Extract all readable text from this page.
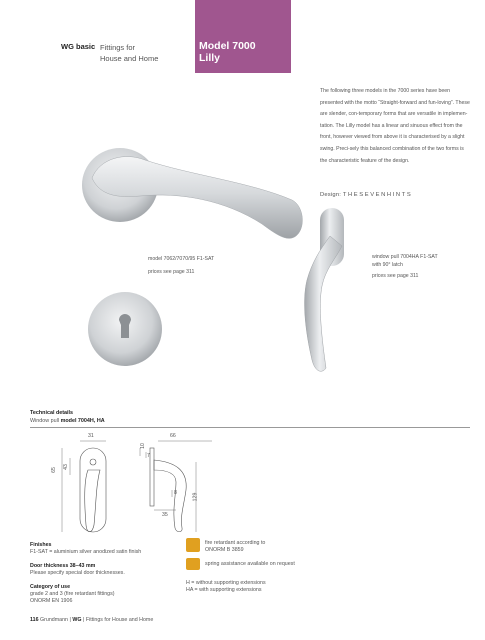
WG basic Fittings for
House and Home
Model 7000
Lilly
The following three models in the 7000 series have been presented with the motto “Straight-forward and fun-loving”. These are slender, con-temporary forms that are versatile in implemen-tation. The Lilly model has a linear and sinuous effect from the front, however viewed from above it is characterised by a slight swing. Preci-sely this balanced combination of the two forms is the characteristic feature of the design.
Design: THESEVENHINTS
model 7062/7070/95 F1-SAT
prices see page 311
window pull 7004HA F1-SAT
with 90° latch
prices see page 311
Technical details
Window pull model 7004H, HA
31	66
10
7
65
43
35
8	129
Finishes
F1-SAT = aluminium silver anodized satin finish
Door thickness 38–43 mm
Please specify special door thicknesses.
Category of use
grade 2 and 3 (fire retardant fittings)
ONORM EN 1906
fire retardant according to
ONORM B 3859
spring assistance available on request
H = without supporting extensions
HA = with supporting extensions
116 Grundmann | WG | Fittings for House and Home
